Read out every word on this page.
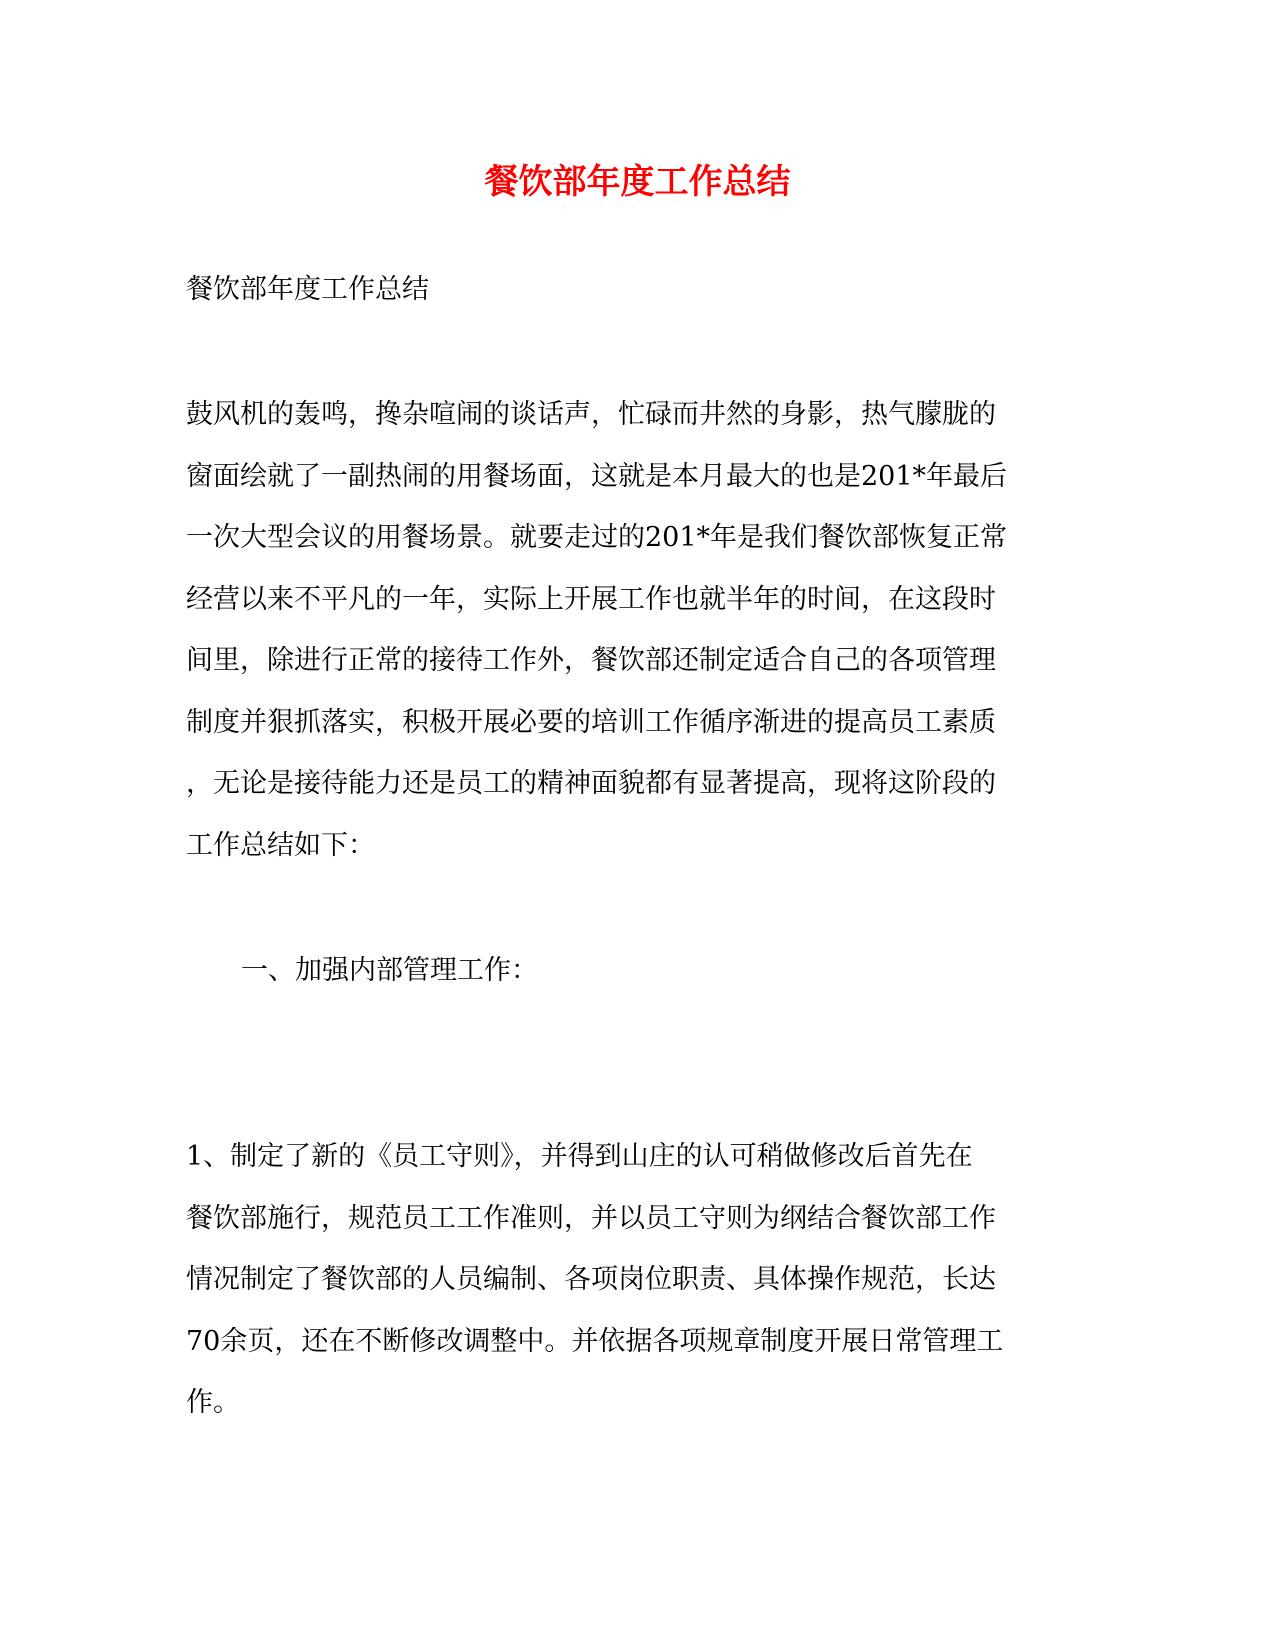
餐饮部年度工作总结

餐饮部年度工作总结

鼓风机的轰鸣，搀杂喧闹的谈话声，忙碌而井然的身影，热气朦胧的
窗面绘就了一副热闹的用餐场面，这就是本月最大的也是201*年最后
一次大型会议的用餐场景。就要走过的201*年是我们餐饮部恢复正常
经营以来不平凡的一年，实际上开展工作也就半年的时间，在这段时
间里，除进行正常的接待工作外，餐饮部还制定适合自己的各项管理
制度并狠抓落实，积极开展必要的培训工作循序渐进的提高员工素质
，无论是接待能力还是员工的精神面貌都有显著提高，现将这阶段的
工作总结如下：

一、加强内部管理工作：

1、制定了新的《员工守则》，并得到山庄的认可稍做修改后首先在
餐饮部施行，规范员工工作准则，并以员工守则为纲结合餐饮部工作
情况制定了餐饮部的人员编制、各项岗位职责、具体操作规范，长达
70余页，还在不断修改调整中。并依据各项规章制度开展日常管理工
作。
